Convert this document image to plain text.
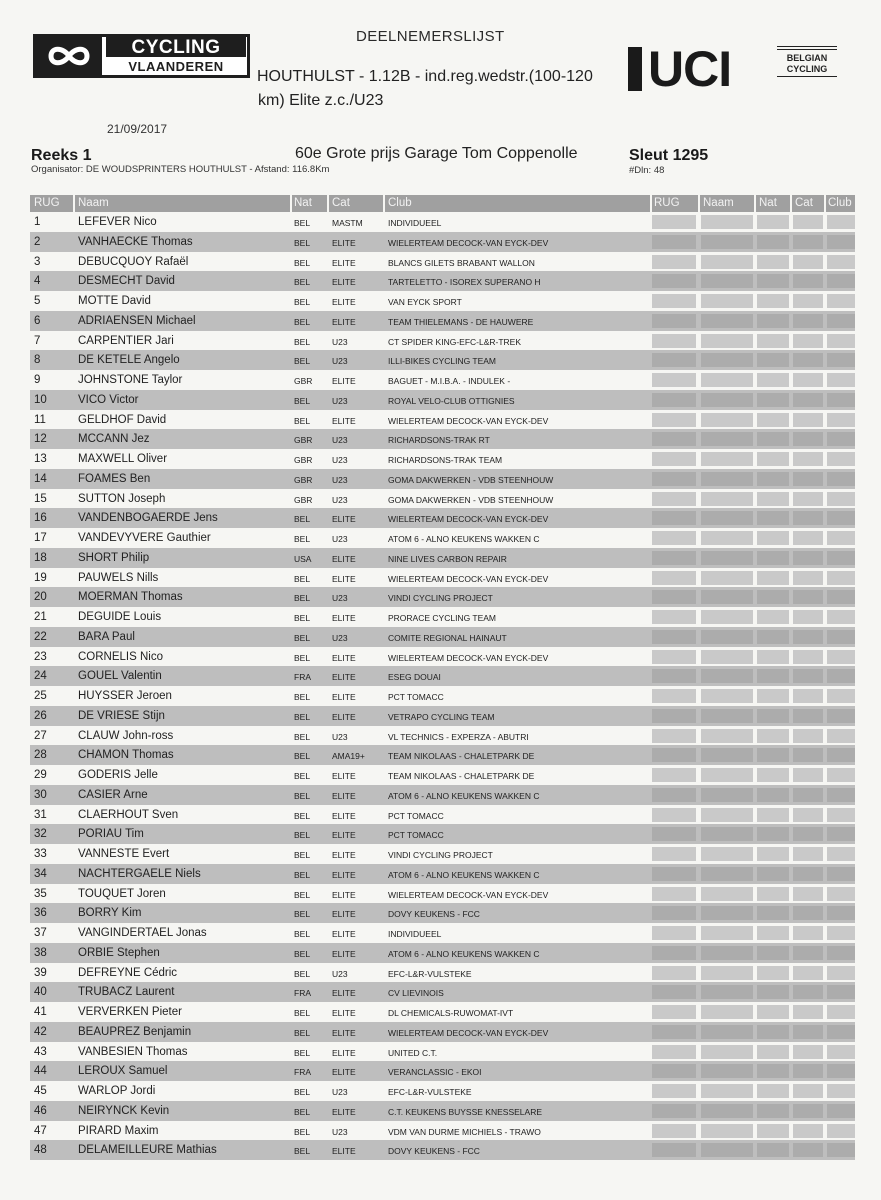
CYCLING
VLAANDEREN
DEELNEMERSLIJST
HOUTHULST - 1.12B - ind.reg.wedstr.(100-120
km) Elite z.c./U23
UCI	BELGIAN
CYCLING
21/09/2017
Reeks 1
Organisator: DE WOUDSPRINTERS HOUTHULST - Afstand: 116.8Km
60e Grote prijs Garage Tom Coppenolle	Sleut 1295
#Dln: 48
RUG Naam	Nat Cat	Club	RUG Naam Nat Cat Club
1	LEFEVER Nico	BEL	MASTM	INDIVIDUEEL
2	VANHAECKE Thomas	BEL	ELITE	WIELERTEAM DECOCK-VAN EYCK-DEV
3	DEBUCQUOY Rafaël	BEL	ELITE	BLANCS GILETS BRABANT WALLON
4	DESMECHT David	BEL	ELITE	TARTELETTO - ISOREX SUPERANO H
5	MOTTE David	BEL	ELITE	VAN EYCK SPORT
6	ADRIAENSEN Michael	BEL	ELITE	TEAM THIELEMANS - DE HAUWERE
7	CARPENTIER Jari	BEL	U23	CT SPIDER KING-EFC-L&R-TREK
8	DE KETELE Angelo	BEL	U23	ILLI-BIKES CYCLING TEAM
9	JOHNSTONE Taylor	GBR ELITE	BAGUET - M.I.B.A. - INDULEK -
10	VICO Victor	BEL	U23	ROYAL VELO-CLUB OTTIGNIES
11	GELDHOF David	BEL	ELITE	WIELERTEAM DECOCK-VAN EYCK-DEV
12	MCCANN Jez	GBR U23	RICHARDSONS-TRAK RT
13	MAXWELL Oliver	GBR U23	RICHARDSONS-TRAK TEAM
14	FOAMES Ben	GBR U23	GOMA DAKWERKEN - VDB STEENHOUW
15	SUTTON Joseph	GBR U23	GOMA DAKWERKEN - VDB STEENHOUW
16	VANDENBOGAERDE Jens	BEL	ELITE	WIELERTEAM DECOCK-VAN EYCK-DEV
17	VANDEVYVERE Gauthier	BEL	U23	ATOM 6 - ALNO KEUKENS WAKKEN C
18	SHORT Philip	USA ELITE	NINE LIVES CARBON REPAIR
19	PAUWELS Nills	BEL	ELITE	WIELERTEAM DECOCK-VAN EYCK-DEV
20	MOERMAN Thomas	BEL	U23	VINDI CYCLING PROJECT
21	DEGUIDE Louis	BEL	ELITE	PRORACE CYCLING TEAM
22	BARA Paul	BEL	U23	COMITE REGIONAL HAINAUT
23	CORNELIS Nico	BEL	ELITE	WIELERTEAM DECOCK-VAN EYCK-DEV
24	GOUEL Valentin	FRA ELITE	ESEG DOUAI
25	HUYSSER Jeroen	BEL	ELITE	PCT TOMACC
26	DE VRIESE Stijn	BEL	ELITE	VETRAPO CYCLING TEAM
27	CLAUW John-ross	BEL	U23	VL TECHNICS - EXPERZA - ABUTRI
28	CHAMON Thomas	BEL	AMA19+	TEAM NIKOLAAS - CHALETPARK DE
29	GODERIS Jelle	BEL	ELITE	TEAM NIKOLAAS - CHALETPARK DE
30	CASIER Arne	BEL	ELITE	ATOM 6 - ALNO KEUKENS WAKKEN C
31	CLAERHOUT Sven	BEL	ELITE	PCT TOMACC
32	PORIAU Tim	BEL	ELITE	PCT TOMACC
33	VANNESTE Evert	BEL	ELITE	VINDI CYCLING PROJECT
34	NACHTERGAELE Niels	BEL	ELITE	ATOM 6 - ALNO KEUKENS WAKKEN C
35	TOUQUET Joren	BEL	ELITE	WIELERTEAM DECOCK-VAN EYCK-DEV
36	BORRY Kim	BEL	ELITE	DOVY KEUKENS - FCC
37	VANGINDERTAEL Jonas	BEL	ELITE	INDIVIDUEEL
38	ORBIE Stephen	BEL	ELITE	ATOM 6 - ALNO KEUKENS WAKKEN C
39	DEFREYNE Cédric	BEL	U23	EFC-L&R-VULSTEKE
40	TRUBACZ Laurent	FRA ELITE	CV LIEVINOIS
41	VERVERKEN Pieter	BEL	ELITE	DL CHEMICALS-RUWOMAT-IVT
42	BEAUPREZ Benjamin	BEL	ELITE	WIELERTEAM DECOCK-VAN EYCK-DEV
43	VANBESIEN Thomas	BEL	ELITE	UNITED C.T.
44	LEROUX Samuel	FRA ELITE	VERANCLASSIC - EKOI
45	WARLOP Jordi	BEL	U23	EFC-L&R-VULSTEKE
46	NEIRYNCK Kevin	BEL	ELITE	C.T. KEUKENS BUYSSE KNESSELARE
47	PIRARD Maxim	BEL	U23	VDM VAN DURME MICHIELS - TRAWO
48	DELAMEILLEURE Mathias	BEL	ELITE	DOVY KEUKENS - FCC
